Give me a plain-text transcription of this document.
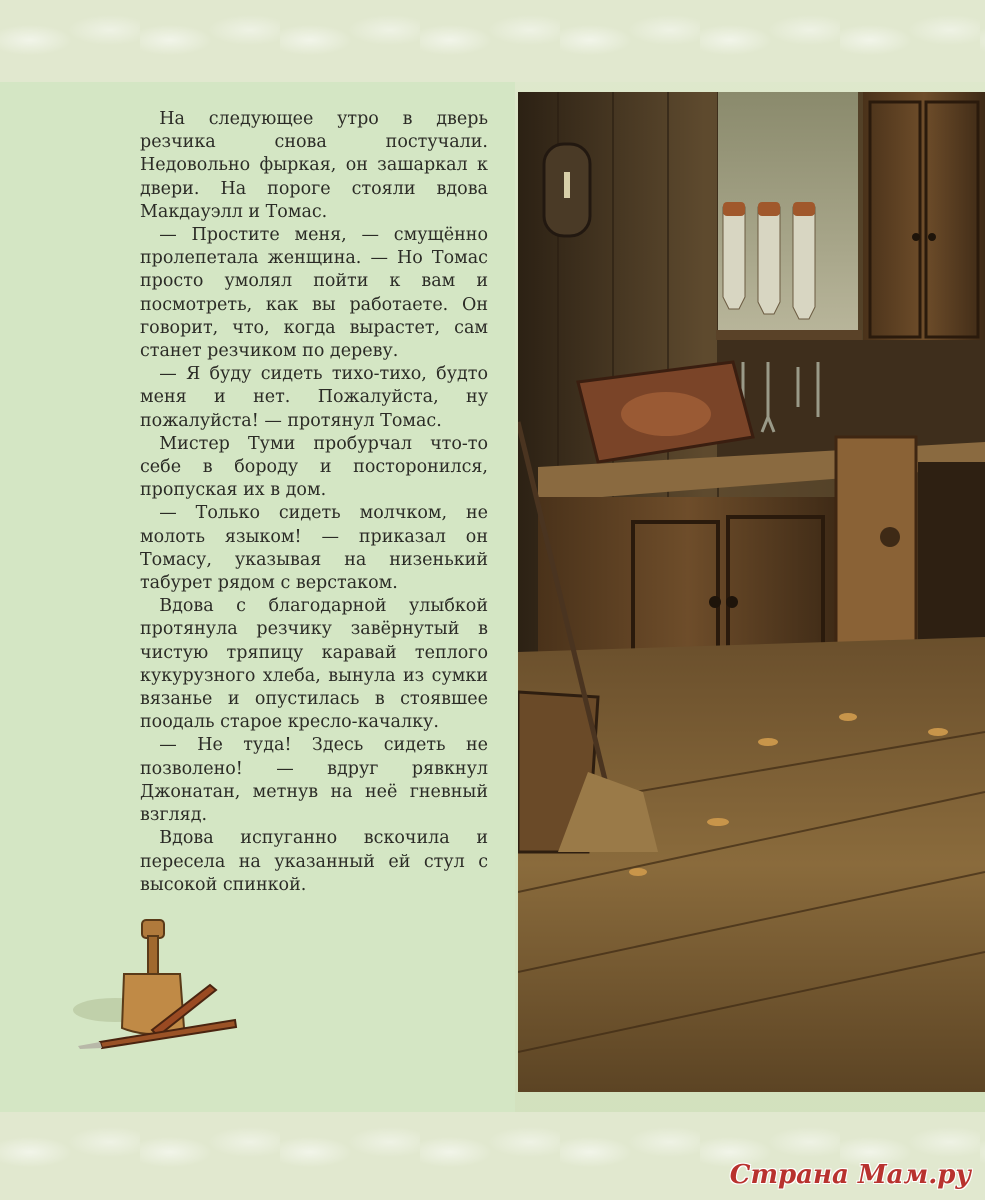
На следующее утро в дверь резчика снова постучали. Недовольно фыркая, он зашаркал к двери. На пороге стояли вдова Макдауэлл и Томас.

— Простите меня, — смущённо пролепетала женщина. — Но Томас просто умолял пойти к вам и посмотреть, как вы работаете. Он говорит, что, когда вырастет, сам станет резчиком по дереву.

— Я буду сидеть тихо-тихо, будто меня и нет. Пожалуйста, ну пожалуйста! — протянул Томас.

Мистер Туми пробурчал что-то себе в бороду и посторонился, пропуская их в дом.

— Только сидеть молчком, не молоть языком! — приказал он Томасу, указывая на низенький табурет рядом с верстаком.

Вдова с благодарной улыбкой протянула резчику завёрнутый в чистую тряпицу каравай теплого кукурузного хлеба, вынула из сумки вязанье и опустилась в стоявшее поодаль старое кресло-качалку.

— Не туда! Здесь сидеть не позволено! — вдруг рявкнул Джонатан, метнув на неё гневный взгляд.

Вдова испуганно вскочила и пересела на указанный ей стул с высокой спинкой.

Страна Мам.ру
